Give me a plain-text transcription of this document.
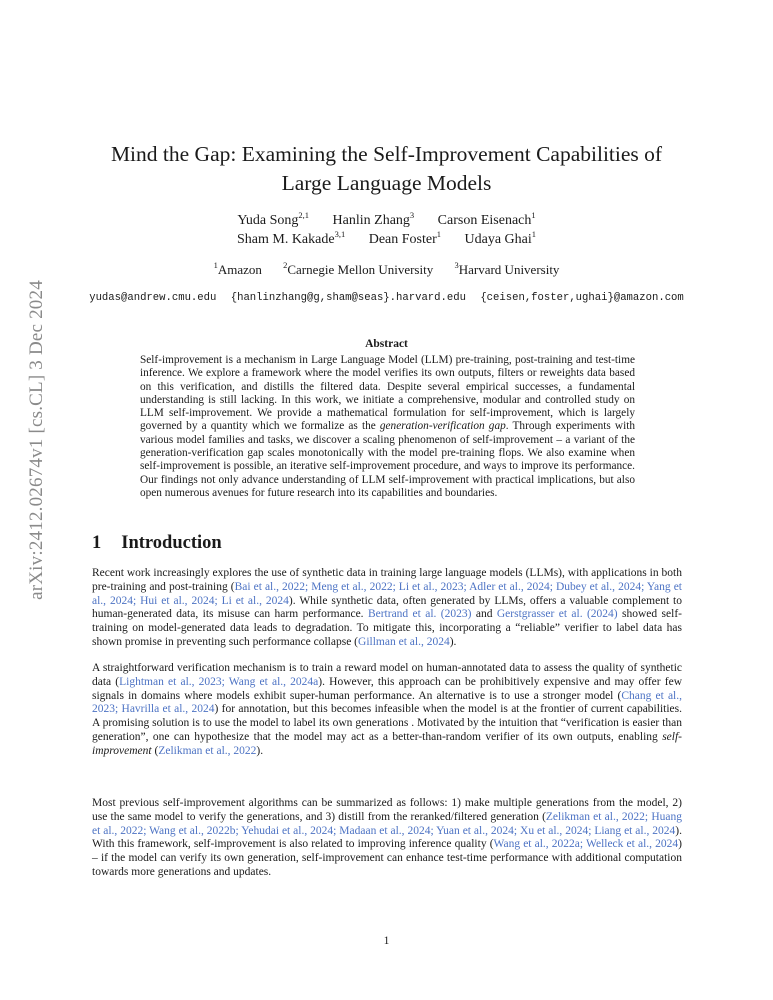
arXiv:2412.02674v1 [cs.CL] 3 Dec 2024
Mind the Gap: Examining the Self-Improvement Capabilities of
Large Language Models
Yuda Song$^{2,1}$ Hanlin Zhang$^3$ Carson Eisenach$^1$
Sham M. Kakade$^{3,1}$ Dean Foster$^1$ Udaya Ghai$^1$
$^1$Amazon	$^2$Carnegie Mellon University	$^3$Harvard University
yudas@andrew.cmu.edu {hanlinzhang@g,sham@seas}.harvard.edu {ceisen,foster,ughai}@amazon.com
Abstract
Self-improvement is a mechanism in Large Language Model (LLM) pre-training, post-training and test-time inference. We explore a framework where the model verifies its own outputs, filters or reweights data based on this verification, and distills the filtered data. Despite several empirical successes, a fundamental understanding is still lacking. In this work, we initiate a comprehensive, modular and controlled study on LLM self-improvement. We provide a mathematical formulation for self-improvement, which is largely governed by a quantity which we formalize as the generation-verification gap. Through experiments with various model families and tasks, we discover a scaling phenomenon of self-improvement – a variant of the generation-verification gap scales monotonically with the model pre-training flops. We also examine when self-improvement is possible, an iterative self-improvement procedure, and ways to improve its performance. Our findings not only advance understanding of LLM self-improvement with practical implications, but also open numerous avenues for future research into its capabilities and boundaries.
1 Introduction
Recent work increasingly explores the use of synthetic data in training large language models (LLMs), with applications in both pre-training and post-training (Bai et al., 2022; Meng et al., 2022; Li et al., 2023; Adler et al., 2024; Dubey et al., 2024; Yang et al., 2024; Hui et al., 2024; Li et al., 2024). While synthetic data, often generated by LLMs, offers a valuable complement to human-generated data, its misuse can harm performance. Bertrand et al. (2023) and Gerstgrasser et al. (2024) showed self-training on model-generated data leads to degradation. To mitigate this, incorporating a “reliable” verifier to label data has shown promise in preventing such performance collapse (Gillman et al., 2024).
A straightforward verification mechanism is to train a reward model on human-annotated data to assess the quality of synthetic data (Lightman et al., 2023; Wang et al., 2024a). However, this approach can be prohibitively expensive and may offer few signals in domains where models exhibit super-human performance. An alternative is to use a stronger model (Chang et al., 2023; Havrilla et al., 2024) for annotation, but this becomes infeasible when the model is at the frontier of current capabilities. A promising solution is to use the model to label its own generations . Motivated by the intuition that “verification is easier than generation”, one can hypothesize that the model may act as a better-than-random verifier of its own outputs, enabling self-improvement (Zelikman et al., 2022).
Most previous self-improvement algorithms can be summarized as follows: 1) make multiple generations from the model, 2) use the same model to verify the generations, and 3) distill from the reranked/filtered generation (Zelikman et al., 2022; Huang et al., 2022; Wang et al., 2022b; Yehudai et al., 2024; Madaan et al., 2024; Yuan et al., 2024; Xu et al., 2024; Liang et al., 2024). With this framework, self-improvement is also related to improving inference quality (Wang et al., 2022a; Welleck et al., 2024) – if the model can verify its own generation, self-improvement can enhance test-time performance with additional computation towards more generations and updates.
1
